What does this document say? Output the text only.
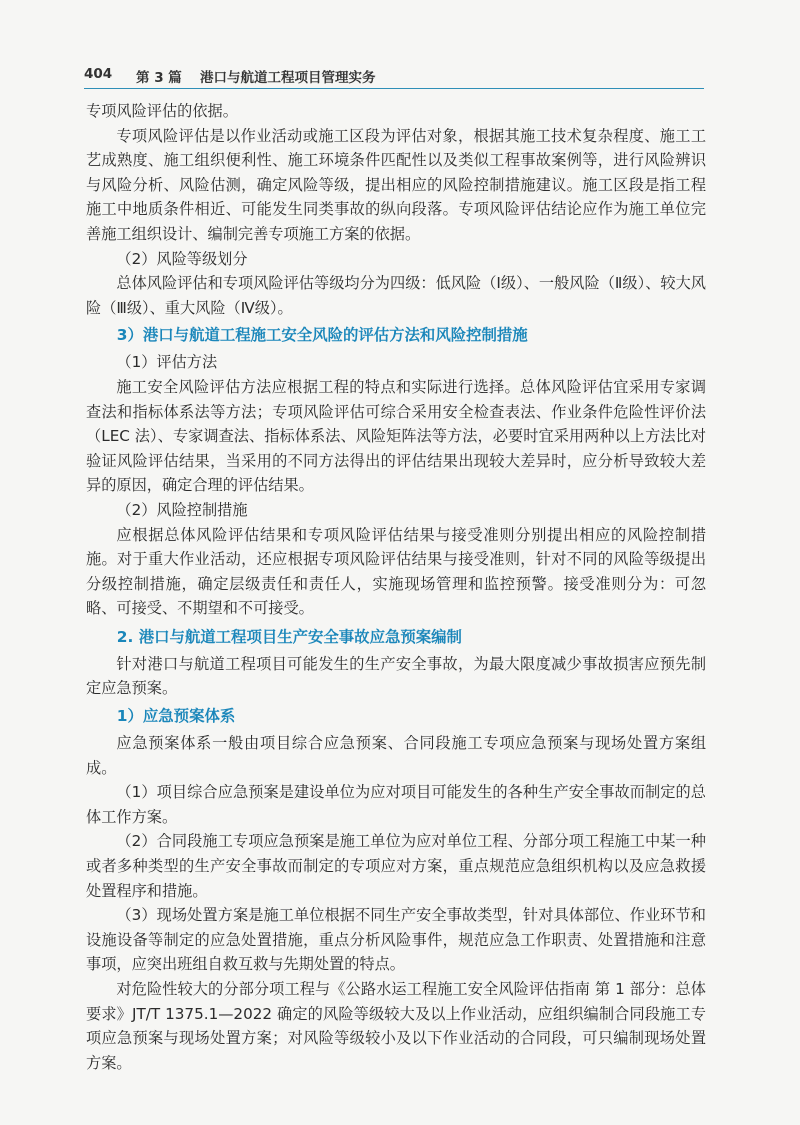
404 第 3 篇 港口与航道工程项目管理实务

专项风险评估的依据。

专项风险评估是以作业活动或施工区段为评估对象，根据其施工技术复杂程度、施工工艺成熟度、施工组织便利性、施工环境条件匹配性以及类似工程事故案例等，进行风险辨识与风险分析、风险估测，确定风险等级，提出相应的风险控制措施建议。施工区段是指工程施工中地质条件相近、可能发生同类事故的纵向段落。专项风险评估结论应作为施工单位完善施工组织设计、编制完善专项施工方案的依据。

（2）风险等级划分

总体风险评估和专项风险评估等级均分为四级：低风险（Ⅰ级）、一般风险（Ⅱ级）、较大风险（Ⅲ级）、重大风险（Ⅳ级）。

3）港口与航道工程施工安全风险的评估方法和风险控制措施

（1）评估方法

施工安全风险评估方法应根据工程的特点和实际进行选择。总体风险评估宜采用专家调查法和指标体系法等方法；专项风险评估可综合采用安全检查表法、作业条件危险性评价法（LEC 法）、专家调查法、指标体系法、风险矩阵法等方法，必要时宜采用两种以上方法比对验证风险评估结果，当采用的不同方法得出的评估结果出现较大差异时，应分析导致较大差异的原因，确定合理的评估结果。

（2）风险控制措施

应根据总体风险评估结果和专项风险评估结果与接受准则分别提出相应的风险控制措施。对于重大作业活动，还应根据专项风险评估结果与接受准则，针对不同的风险等级提出分级控制措施，确定层级责任和责任人，实施现场管理和监控预警。接受准则分为：可忽略、可接受、不期望和不可接受。

2. 港口与航道工程项目生产安全事故应急预案编制

针对港口与航道工程项目可能发生的生产安全事故，为最大限度减少事故损害应预先制定应急预案。

1）应急预案体系

应急预案体系一般由项目综合应急预案、合同段施工专项应急预案与现场处置方案组成。

（1）项目综合应急预案是建设单位为应对项目可能发生的各种生产安全事故而制定的总体工作方案。

（2）合同段施工专项应急预案是施工单位为应对单位工程、分部分项工程施工中某一种或者多种类型的生产安全事故而制定的专项应对方案，重点规范应急组织机构以及应急救援处置程序和措施。

（3）现场处置方案是施工单位根据不同生产安全事故类型，针对具体部位、作业环节和设施设备等制定的应急处置措施，重点分析风险事件，规范应急工作职责、处置措施和注意事项，应突出班组自救互救与先期处置的特点。

对危险性较大的分部分项工程与《公路水运工程施工安全风险评估指南 第 1 部分：总体要求》JT/T 1375.1—2022 确定的风险等级较大及以上作业活动，应组织编制合同段施工专项应急预案与现场处置方案；对风险等级较小及以下作业活动的合同段，可只编制现场处置方案。
